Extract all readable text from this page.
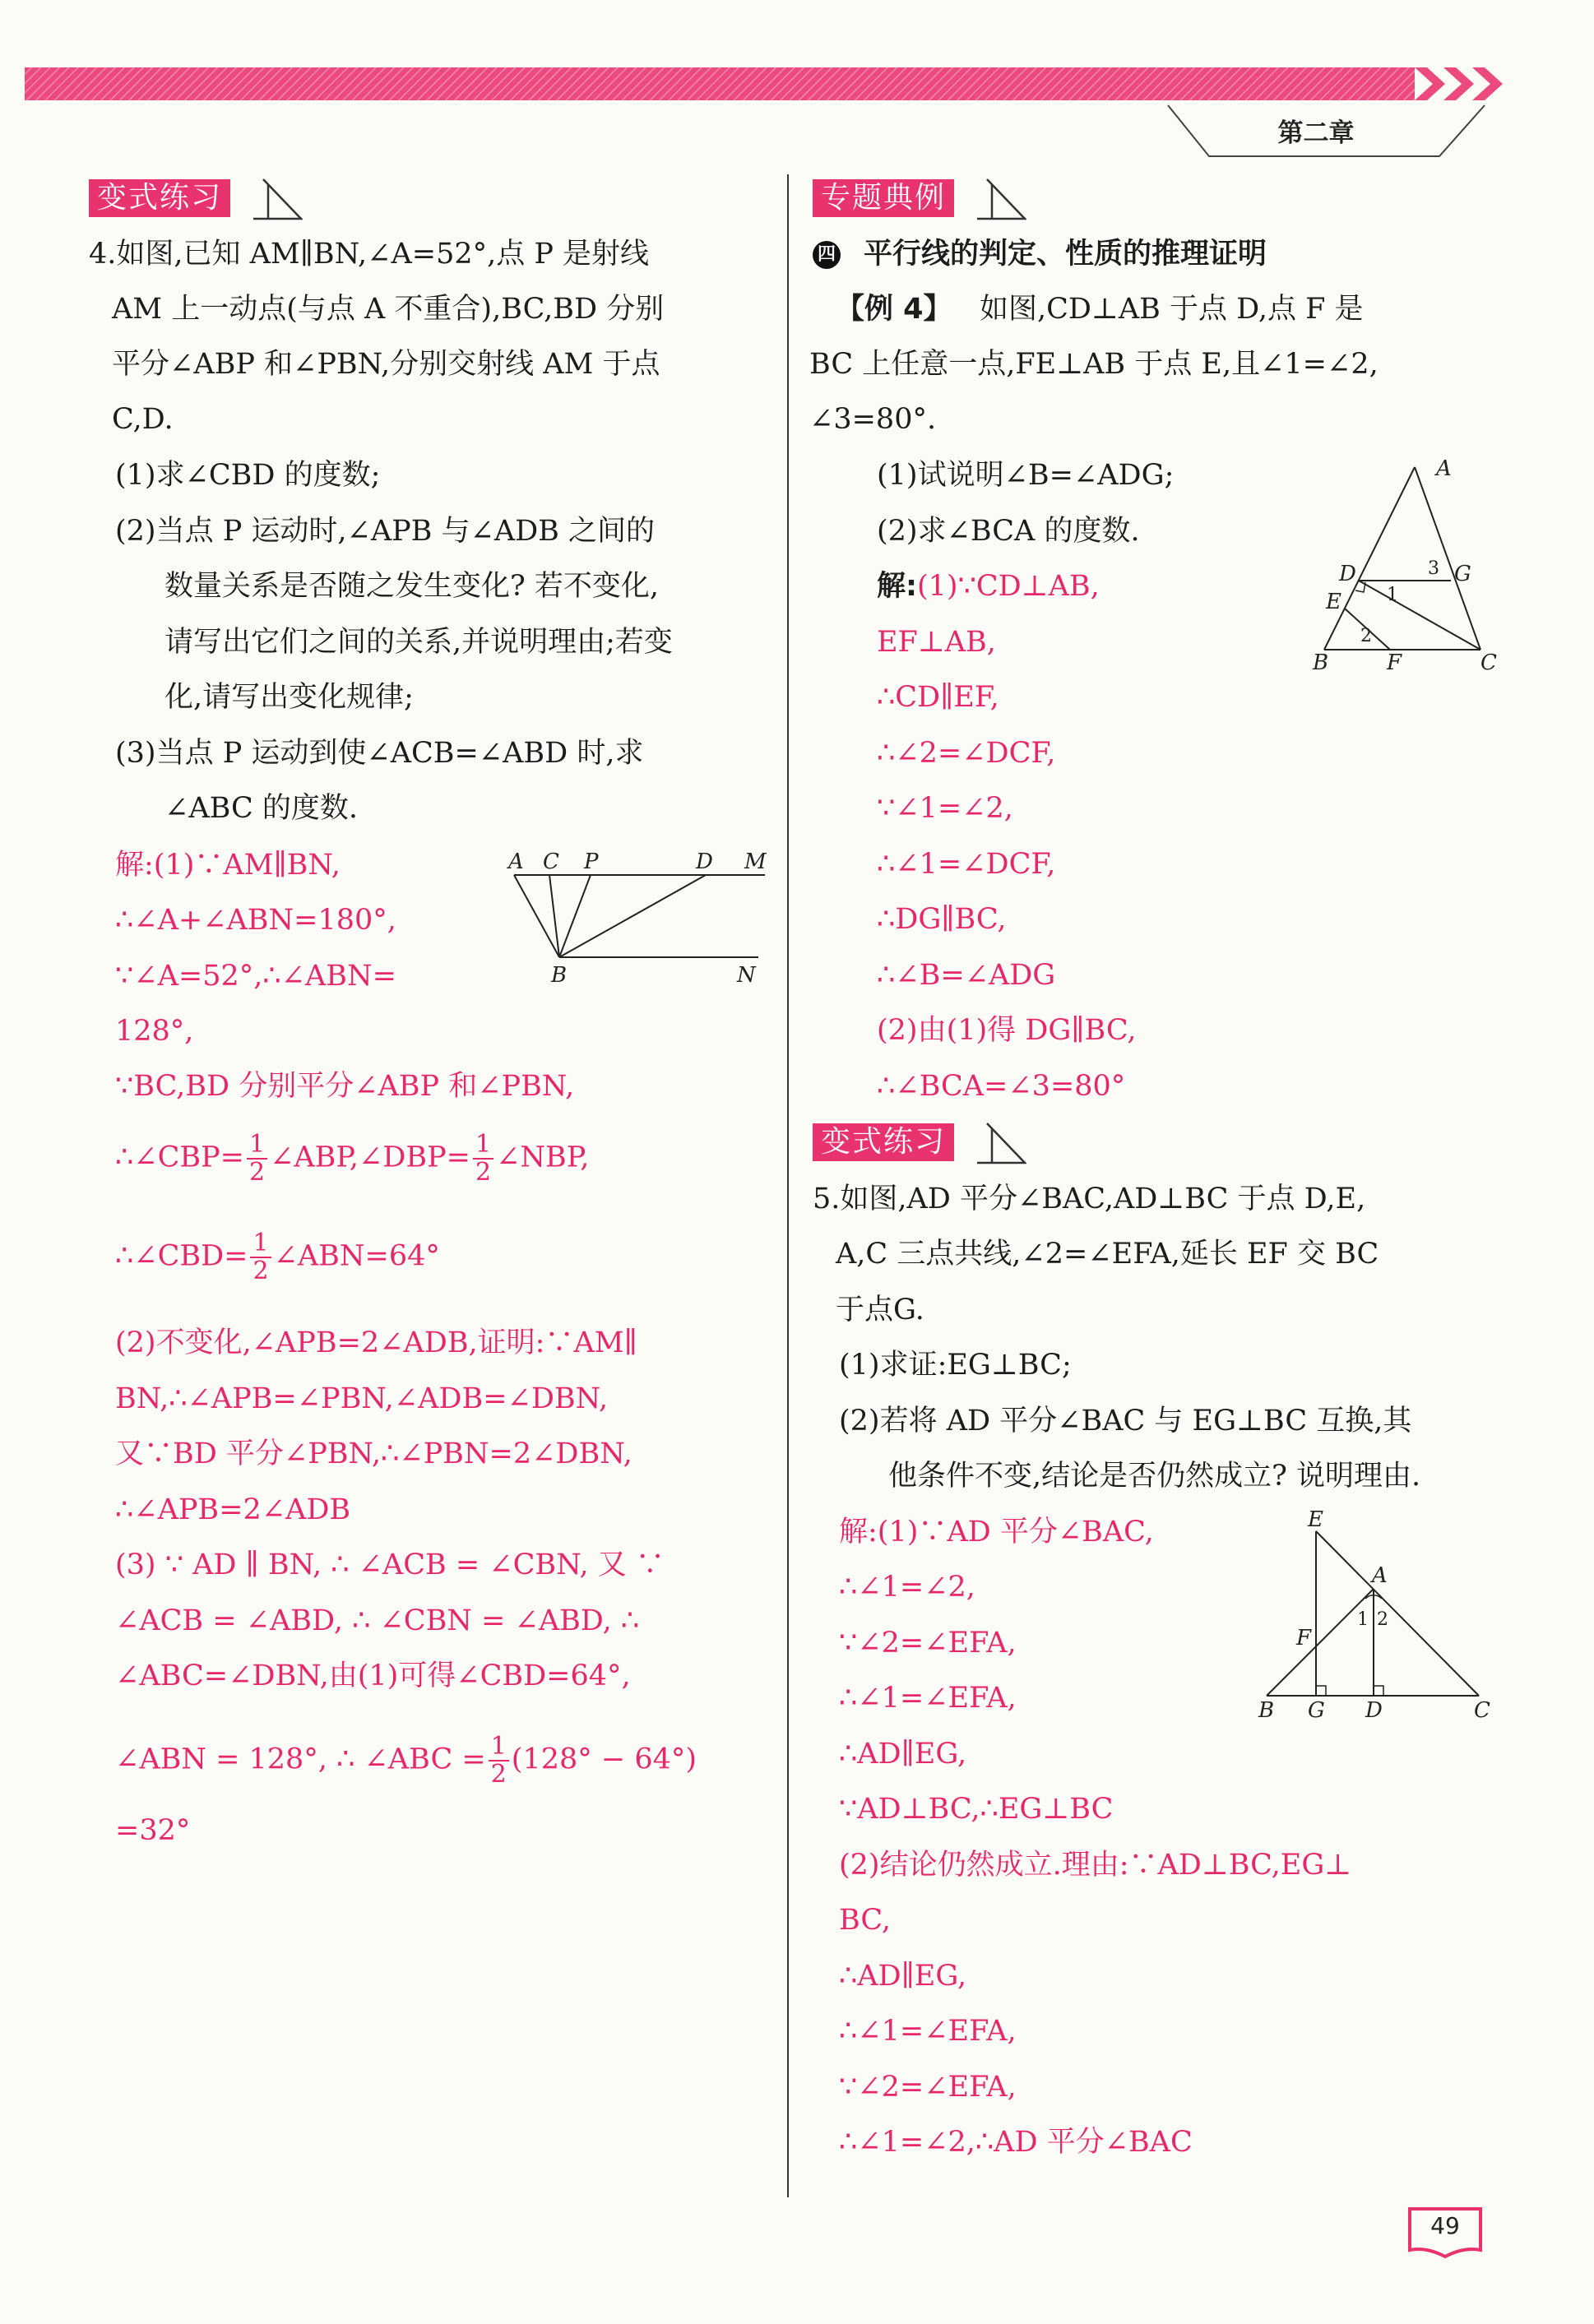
第二章
变式练习
4.如图,已知 AM∥BN,∠A=52°,点 P 是射线
AM 上一动点(与点 A 不重合),BC,BD 分别
平分∠ABP 和∠PBN,分别交射线 AM 于点
C,D.
(1)求∠CBD 的度数;
(2)当点 P 运动时,∠APB 与∠ADB 之间的
数量关系是否随之发生变化? 若不变化,
请写出它们之间的关系,并说明理由;若变
化,请写出变化规律;
(3)当点 P 运动到使∠ACB=∠ABD 时,求
∠ABC 的度数.
A C P	D M
B	N
解:(1)∵AM∥BN,
∴∠A+∠ABN=180°,
∵∠A=52°,∴∠ABN=
128°,
∵BC,BD 分别平分∠ABP 和∠PBN,
∴∠CBP= $\frac{1}{2}$ ∠ABP,∠DBP= $\frac{1}{2}$ ∠NBP,
∴∠CBD= $\frac{1}{2}$ ∠ABN=64°
(2)不变化,∠APB=2∠ADB,证明:∵AM∥
BN,∴∠APB=∠PBN,∠ADB=∠DBN,
又∵BD 平分∠PBN,∴∠PBN=2∠DBN,
∴∠APB=2∠ADB
(3) ∵ AD ∥ BN, ∴ ∠ACB = ∠CBN, 又 ∵
∠ACB = ∠ABD, ∴ ∠CBN = ∠ABD, ∴
∠ABC=∠DBN,由(1)可得∠CBD=64°,
∠ABN = 128°, ∴ ∠ABC = $\frac{1}{2} (128^\circ - 64^\circ)$
=32°
专题典例
四 平行线的判定、性质的推理证明
【例 4】 如图,CD⊥AB 于点 D,点 F 是
BC 上任意一点,FE⊥AB 于点 E,且∠1=∠2,
∠3=80°.
(1)试说明∠B=∠ADG;
(2)求∠BCA 的度数.
A
D	G
E
B	F	C
1
2
3
解:(1)∵CD⊥AB,
EF⊥AB,
∴CD∥EF,
∴∠2=∠DCF,
∵∠1=∠2,
∴∠1=∠DCF,
∴DG∥BC,
∴∠B=∠ADG
(2)由(1)得 DG∥BC,
∴∠BCA=∠3=80°
变式练习
5.如图,AD 平分∠BAC,AD⊥BC 于点 D,E,
A,C 三点共线,∠2=∠EFA,延长 EF 交 BC
于点G.
(1)求证:EG⊥BC;
(2)若将 AD 平分∠BAC 与 EG⊥BC 互换,其
他条件不变,结论是否仍然成立? 说明理由.
E
A
F
1 2
B G D	C
解:(1)∵AD 平分∠BAC,
∴∠1=∠2,
∵∠2=∠EFA,
∴∠1=∠EFA,
∴AD∥EG,
∵AD⊥BC,∴EG⊥BC
(2)结论仍然成立.理由:∵AD⊥BC,EG⊥
BC,
∴AD∥EG,
∴∠1=∠EFA,
∵∠2=∠EFA,
∴∠1=∠2,∴AD 平分∠BAC
49
